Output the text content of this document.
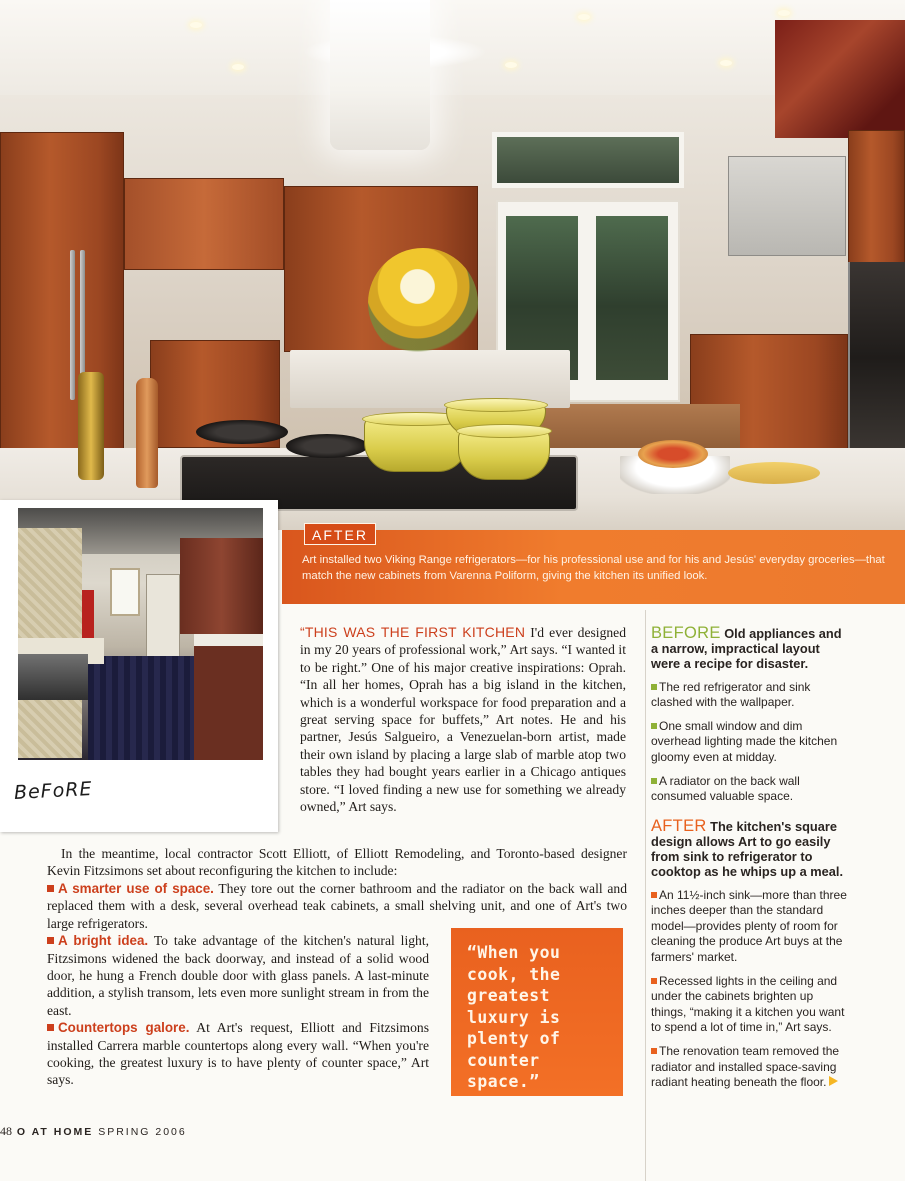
AFTER
Art installed two Viking Range refrigerators—for his professional use and for his and Jesús' everyday groceries—that match the new cabinets from Varenna Poliform, giving the kitchen its unified look.
BeFoRE
“THIS WAS THE FIRST KITCHEN I'd ever designed in my 20 years of professional work,” Art says. “I wanted it to be right.” One of his major creative inspirations: Oprah. “In all her homes, Oprah has a big island in the kitchen, which is a wonderful workspace for food preparation and a great serving space for buffets,” Art notes. He and his partner, Jesús Salgueiro, a Venezuelan-born artist, made their own island by placing a large slab of marble atop two tables they had bought years earlier in a Chicago antiques store. “I loved finding a new use for something we already owned,” Art says.
In the meantime, local contractor Scott Elliott, of Elliott Remodeling, and Toronto-based designer Kevin Fitzsimons set about reconfiguring the kitchen to include:
A smarter use of space. They tore out the corner bathroom and the radiator on the back wall and replaced them with a desk, several overhead teak cabinets, a small shelving unit, and one of Art's two large refrigerators.
A bright idea. To take advantage of the kitchen's natural light, Fitzsimons widened the back doorway, and instead of a solid wood door, he hung a French double door with glass panels. A last-minute addition, a stylish transom, lets even more sunlight stream in from the east.
Countertops galore. At Art's request, Elliott and Fitzsimons installed Carrera marble countertops along every wall. “When you're cooking, the greatest luxury is to have plenty of counter space,” Art says.
“When you cook, the greatest luxury is plenty of counter space.”
BEFORE Old appliances and a narrow, impractical layout were a recipe for disaster.
The red refrigerator and sink clashed with the wallpaper.
One small window and dim overhead lighting made the kitchen gloomy even at midday.
A radiator on the back wall consumed valuable space.
AFTER The kitchen's square design allows Art to go easily from sink to refrigerator to cooktop as he whips up a meal.
An 11½-inch sink—more than three inches deeper than the standard model—provides plenty of room for cleaning the produce Art buys at the farmers' market.
Recessed lights in the ceiling and under the cabinets brighten up things, “making it a kitchen you want to spend a lot of time in,” Art says.
The renovation team removed the radiator and installed space-saving radiant heating beneath the floor.
48 O AT HOME SPRING 2006
